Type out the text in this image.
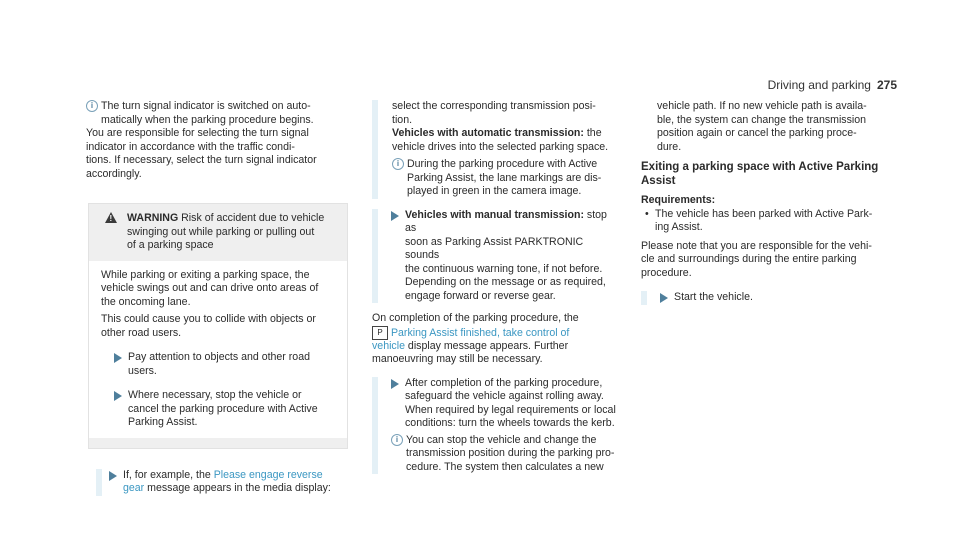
Driving and parking 275
i The turn signal indicator is switched on auto-

matically when the parking procedure begins.

You are responsible for selecting the turn signal

indicator in accordance with the traffic condi-

tions. If necessary, select the turn signal indicator

accordingly.

! WARNING Risk of accident due to vehicle

swinging out while parking or pulling out

of a parking space

While parking or exiting a parking space, the

vehicle swings out and can drive onto areas of

the oncoming lane.

This could cause you to collide with objects or

other road users.

Pay attention to objects and other road

users.

Where necessary, stop the vehicle or

cancel the parking procedure with Active

Parking Assist.

If, for example, the Please engage reverse

gear message appears in the media display:

select the corresponding transmission posi-

tion.

Vehicles with automatic transmission: the

vehicle drives into the selected parking space.

i During the parking procedure with Active

Parking Assist, the lane markings are dis-

played in green in the camera image.

Vehicles with manual transmission: stop as

soon as Parking Assist PARKTRONIC sounds

the continuous warning tone, if not before.

Depending on the message or as required,

engage forward or reverse gear.

On completion of the parking procedure, the

P Parking Assist finished, take control of

vehicle display message appears. Further

manoeuvring may still be necessary.

After completion of the parking procedure,

safeguard the vehicle against rolling away.

When required by legal requirements or local

conditions: turn the wheels towards the kerb.

i You can stop the vehicle and change the

transmission position during the parking pro-

cedure. The system then calculates a new

vehicle path. If no new vehicle path is availa-

ble, the system can change the transmission

position again or cancel the parking proce-

dure.

Exiting a parking space with Active Parking Assist

Requirements:

• The vehicle has been parked with Active Park-

ing Assist.

Please note that you are responsible for the vehi-

cle and surroundings during the entire parking

procedure.

Start the vehicle.
